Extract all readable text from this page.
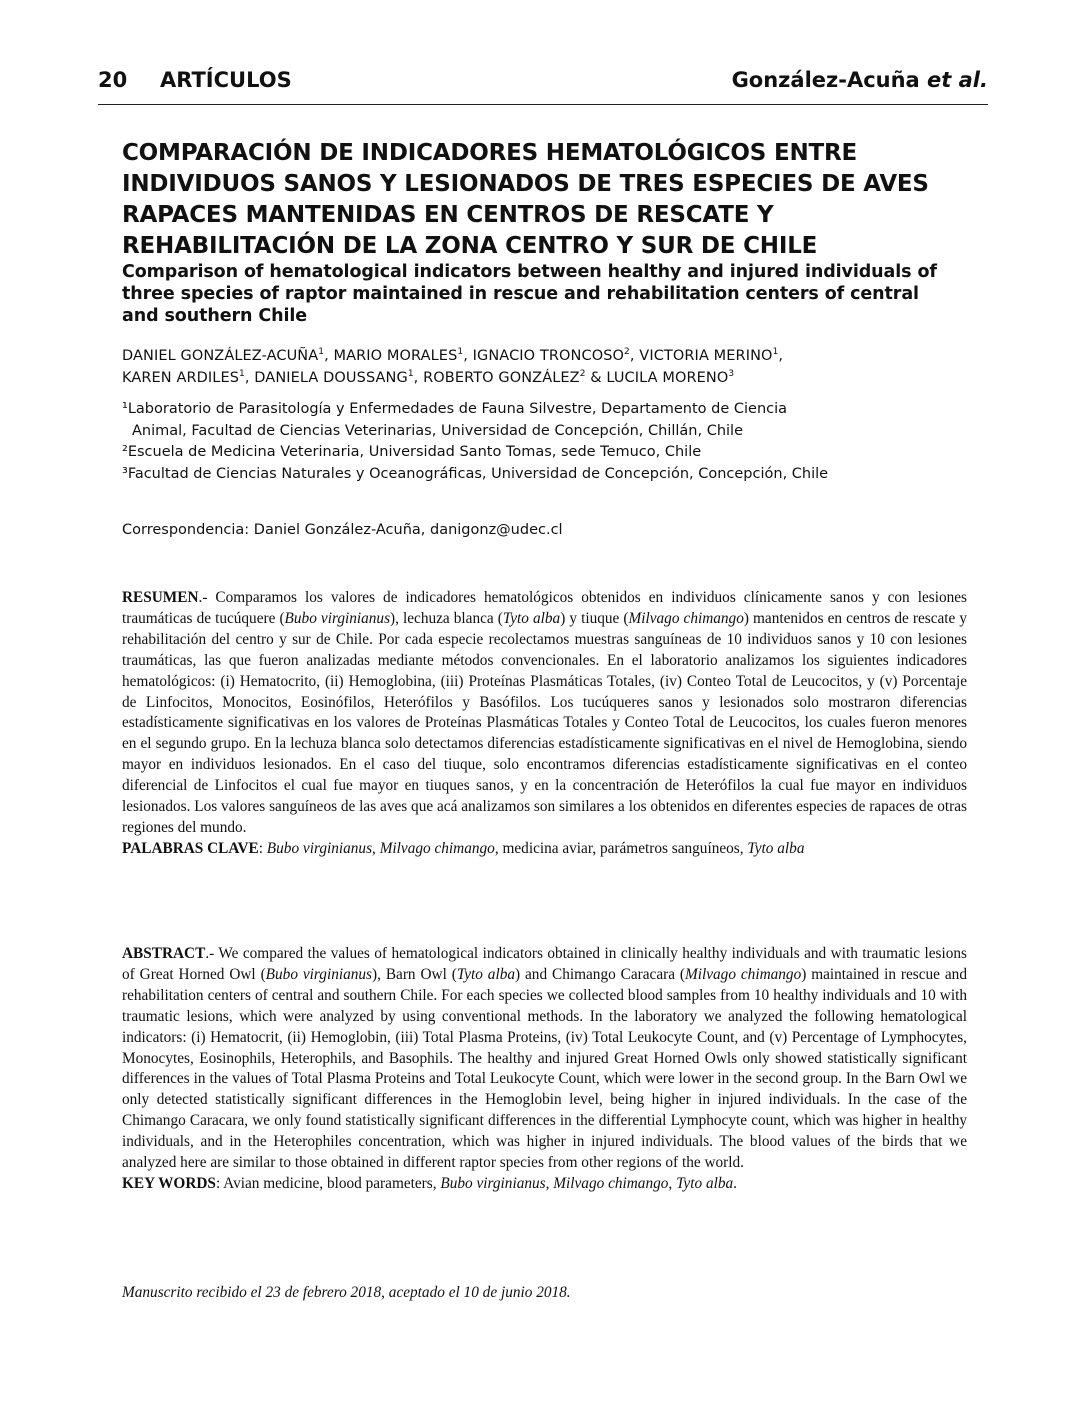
20 ARTÍCULOS	González-Acuña et al.
COMPARACIÓN DE INDICADORES HEMATOLÓGICOS ENTRE
INDIVIDUOS SANOS Y LESIONADOS DE TRES ESPECIES DE AVES
RAPACES MANTENIDAS EN CENTROS DE RESCATE Y
REHABILITACIÓN DE LA ZONA CENTRO Y SUR DE CHILE
Comparison of hematological indicators between healthy and injured individuals of
three species of raptor maintained in rescue and rehabilitation centers of central
and southern Chile
DANIEL GONZÁLEZ-ACUÑA$^1$, MARIO MORALES$^1$, IGNACIO TRONCOSO$^2$, VICTORIA MERINO$^1$,
KAREN ARDILES$^1$, DANIELA DOUSSANG$^1$, ROBERTO GONZÁLEZ$^2$ & LUCILA MORENO$^3$
¹Laboratorio de Parasitología y Enfermedades de Fauna Silvestre, Departamento de Ciencia
Animal, Facultad de Ciencias Veterinarias, Universidad de Concepción, Chillán, Chile
²Escuela de Medicina Veterinaria, Universidad Santo Tomas, sede Temuco, Chile
³Facultad de Ciencias Naturales y Oceanográficas, Universidad de Concepción, Concepción, Chile
Correspondencia: Daniel González-Acuña, danigonz@udec.cl
RESUMEN.- Comparamos los valores de indicadores hematológicos obtenidos en individuos clínicamente sanos y con lesiones traumáticas de tucúquere (Bubo virginianus), lechuza blanca (Tyto alba) y tiuque (Milvago chimango) mantenidos en centros de rescate y rehabilitación del centro y sur de Chile. Por cada especie recolectamos muestras sanguíneas de 10 individuos sanos y 10 con lesiones traumáticas, las que fueron analizadas mediante métodos convencionales. En el laboratorio analizamos los siguientes indicadores hematológicos: (i) Hematocrito, (ii) Hemoglobina, (iii) Proteínas Plasmáticas Totales, (iv) Conteo Total de Leucocitos, y (v) Porcentaje de Linfocitos, Monocitos, Eosinófilos, Heterófilos y Basófilos. Los tucúqueres sanos y lesionados solo mostraron diferencias estadísticamente significativas en los valores de Proteínas Plasmáticas Totales y Conteo Total de Leucocitos, los cuales fueron menores en el segundo grupo. En la lechuza blanca solo detectamos diferencias estadísticamente significativas en el nivel de Hemoglobina, siendo mayor en individuos lesionados. En el caso del tiuque, solo encontramos diferencias estadísticamente significativas en el conteo diferencial de Linfocitos el cual fue mayor en tiuques sanos, y en la concentración de Heterófilos la cual fue mayor en individuos lesionados. Los valores sanguíneos de las aves que acá analizamos son similares a los obtenidos en diferentes especies de rapaces de otras regiones del mundo.
PALABRAS CLAVE: Bubo virginianus, Milvago chimango, medicina aviar, parámetros sanguíneos, Tyto alba
ABSTRACT.- We compared the values of hematological indicators obtained in clinically healthy individuals and with traumatic lesions of Great Horned Owl (Bubo virginianus), Barn Owl (Tyto alba) and Chimango Caracara (Milvago chimango) maintained in rescue and rehabilitation centers of central and southern Chile. For each species we collected blood samples from 10 healthy individuals and 10 with traumatic lesions, which were analyzed by using conventional methods. In the laboratory we analyzed the following hematological indicators: (i) Hematocrit, (ii) Hemoglobin, (iii) Total Plasma Proteins, (iv) Total Leukocyte Count, and (v) Percentage of Lymphocytes, Monocytes, Eosinophils, Heterophils, and Basophils. The healthy and injured Great Horned Owls only showed statistically significant differences in the values of Total Plasma Proteins and Total Leukocyte Count, which were lower in the second group. In the Barn Owl we only detected statistically significant differences in the Hemoglobin level, being higher in injured individuals. In the case of the Chimango Caracara, we only found statistically significant differences in the differential Lymphocyte count, which was higher in healthy individuals, and in the Heterophiles concentration, which was higher in injured individuals. The blood values of the birds that we analyzed here are similar to those obtained in different raptor species from other regions of the world.
KEY WORDS: Avian medicine, blood parameters, Bubo virginianus, Milvago chimango, Tyto alba.
Manuscrito recibido el 23 de febrero 2018, aceptado el 10 de junio 2018.
